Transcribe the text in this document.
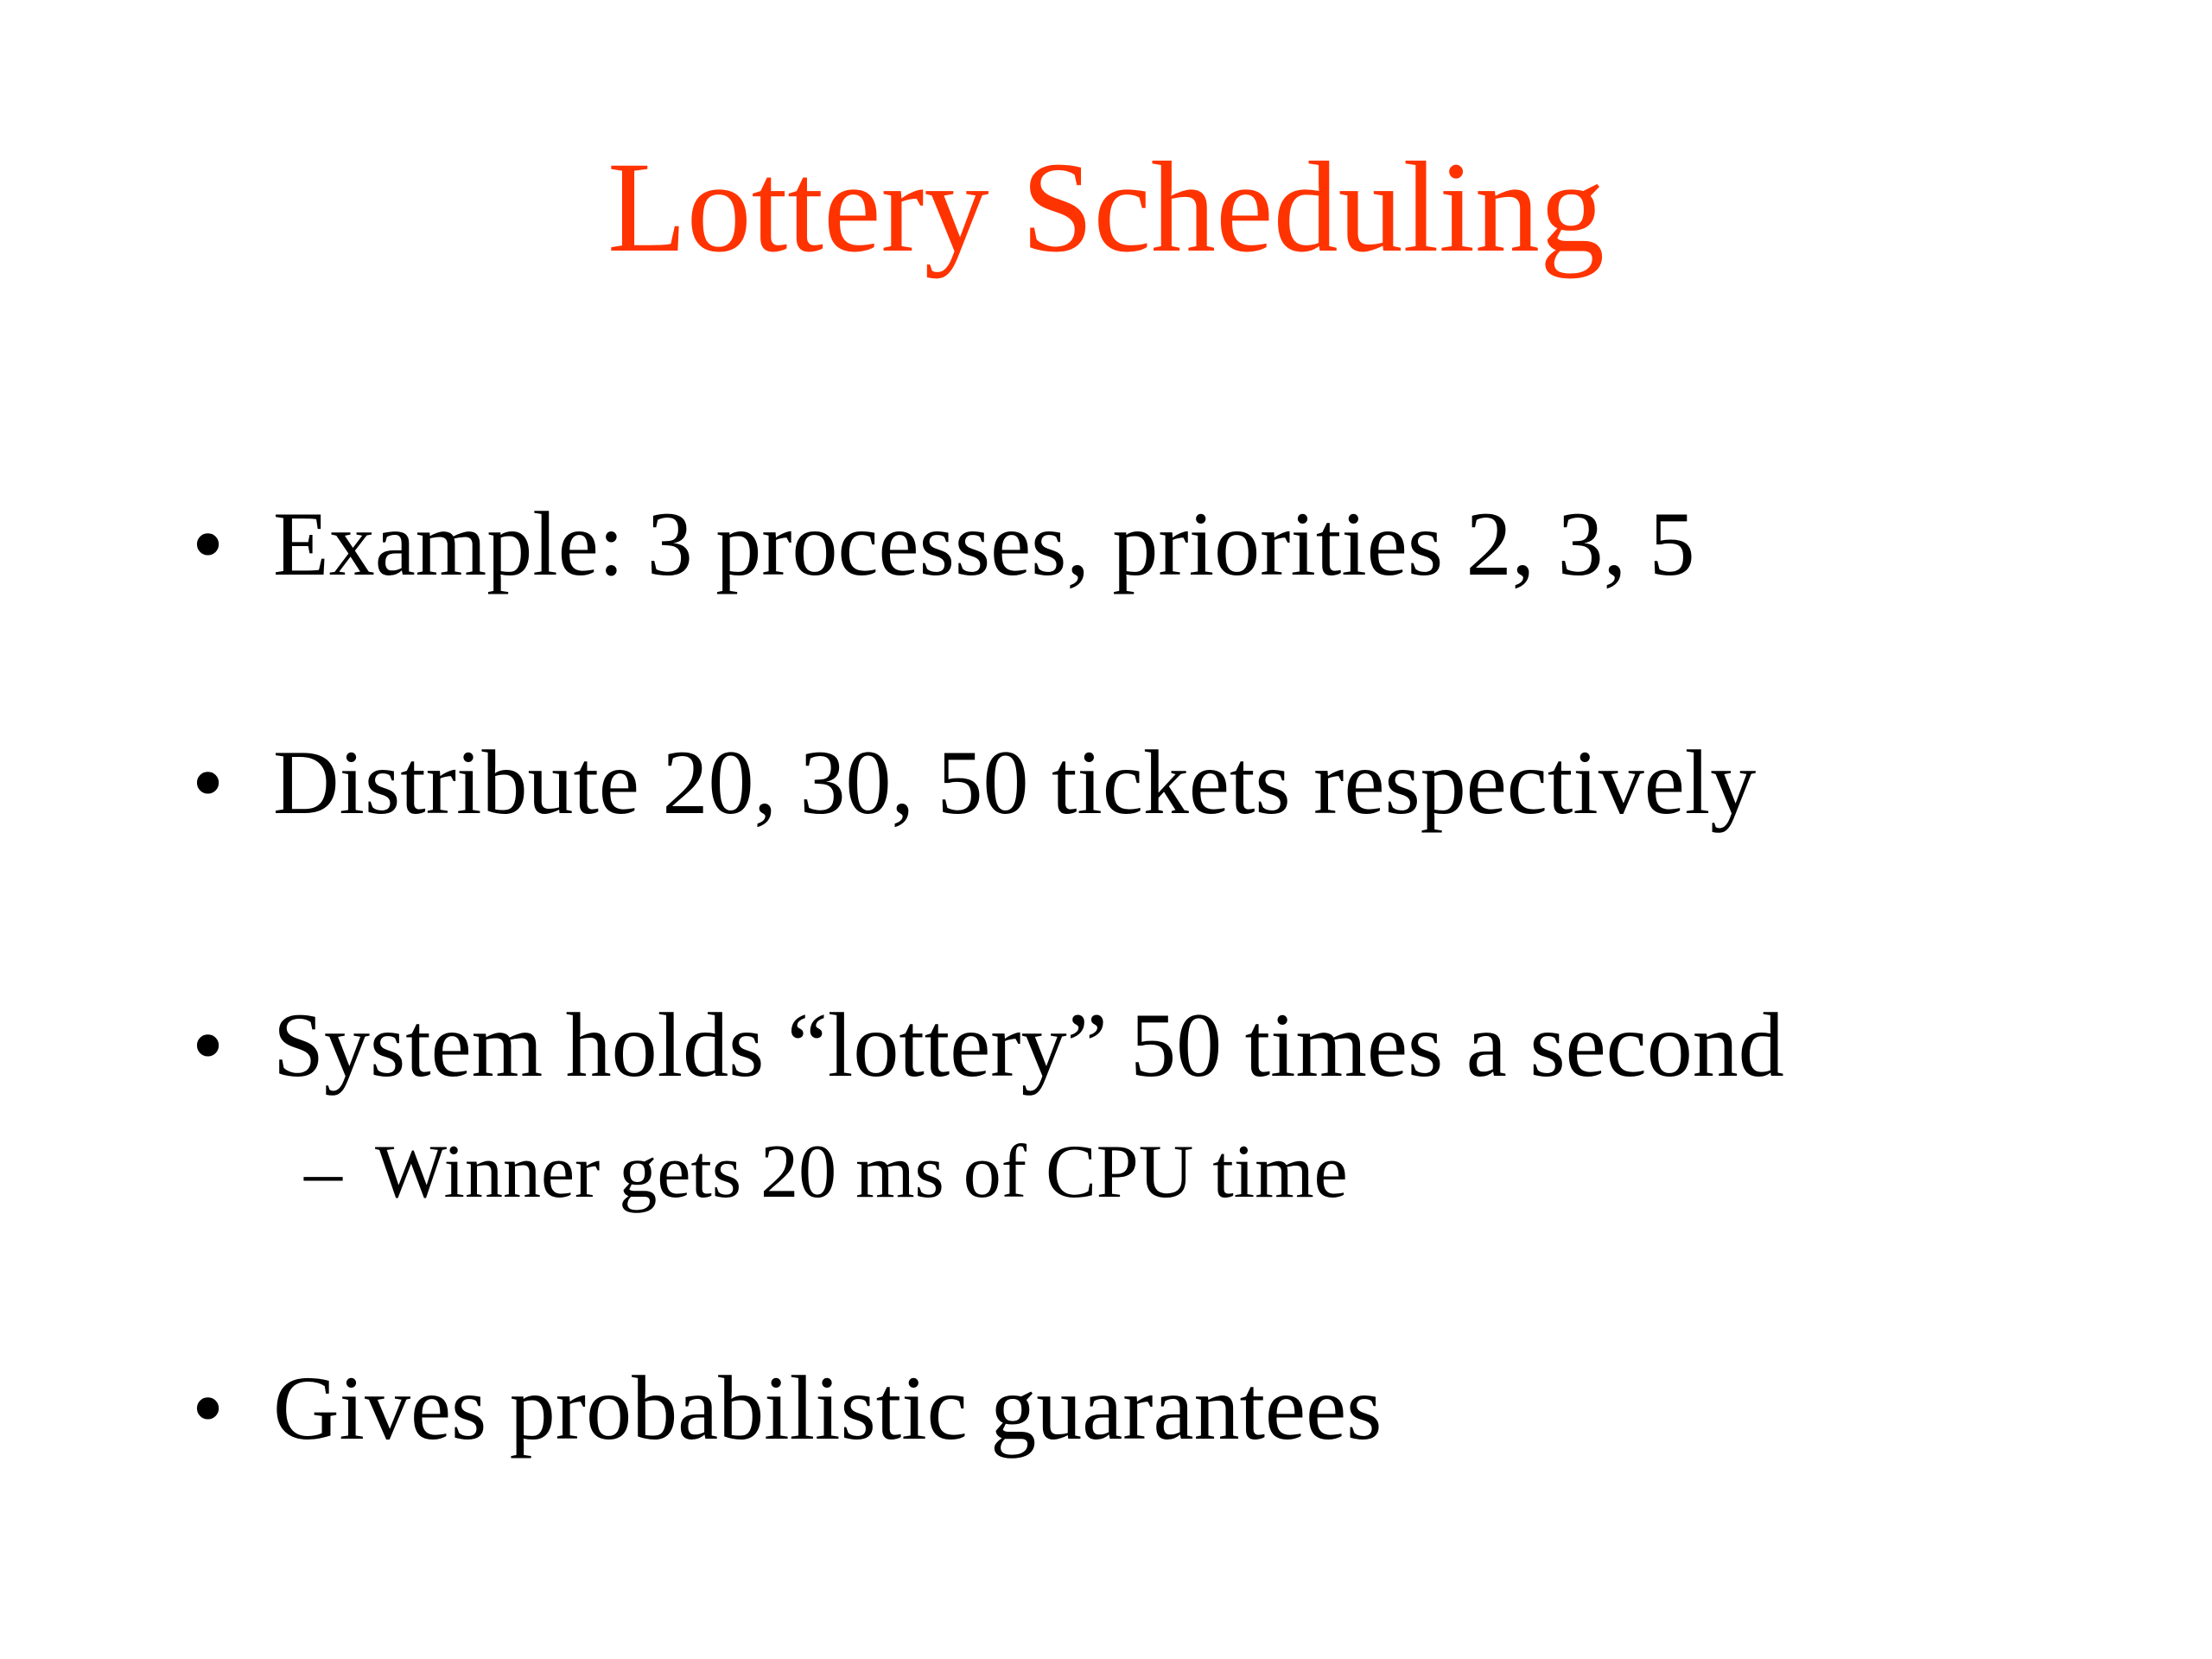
Lottery Scheduling
• Example: 3 processes, priorities 2, 3, 5
• Distribute 20, 30, 50 tickets respectively
• System holds “lottery” 50 times a second
– Winner gets 20 ms of CPU time
• Gives probabilistic guarantees
